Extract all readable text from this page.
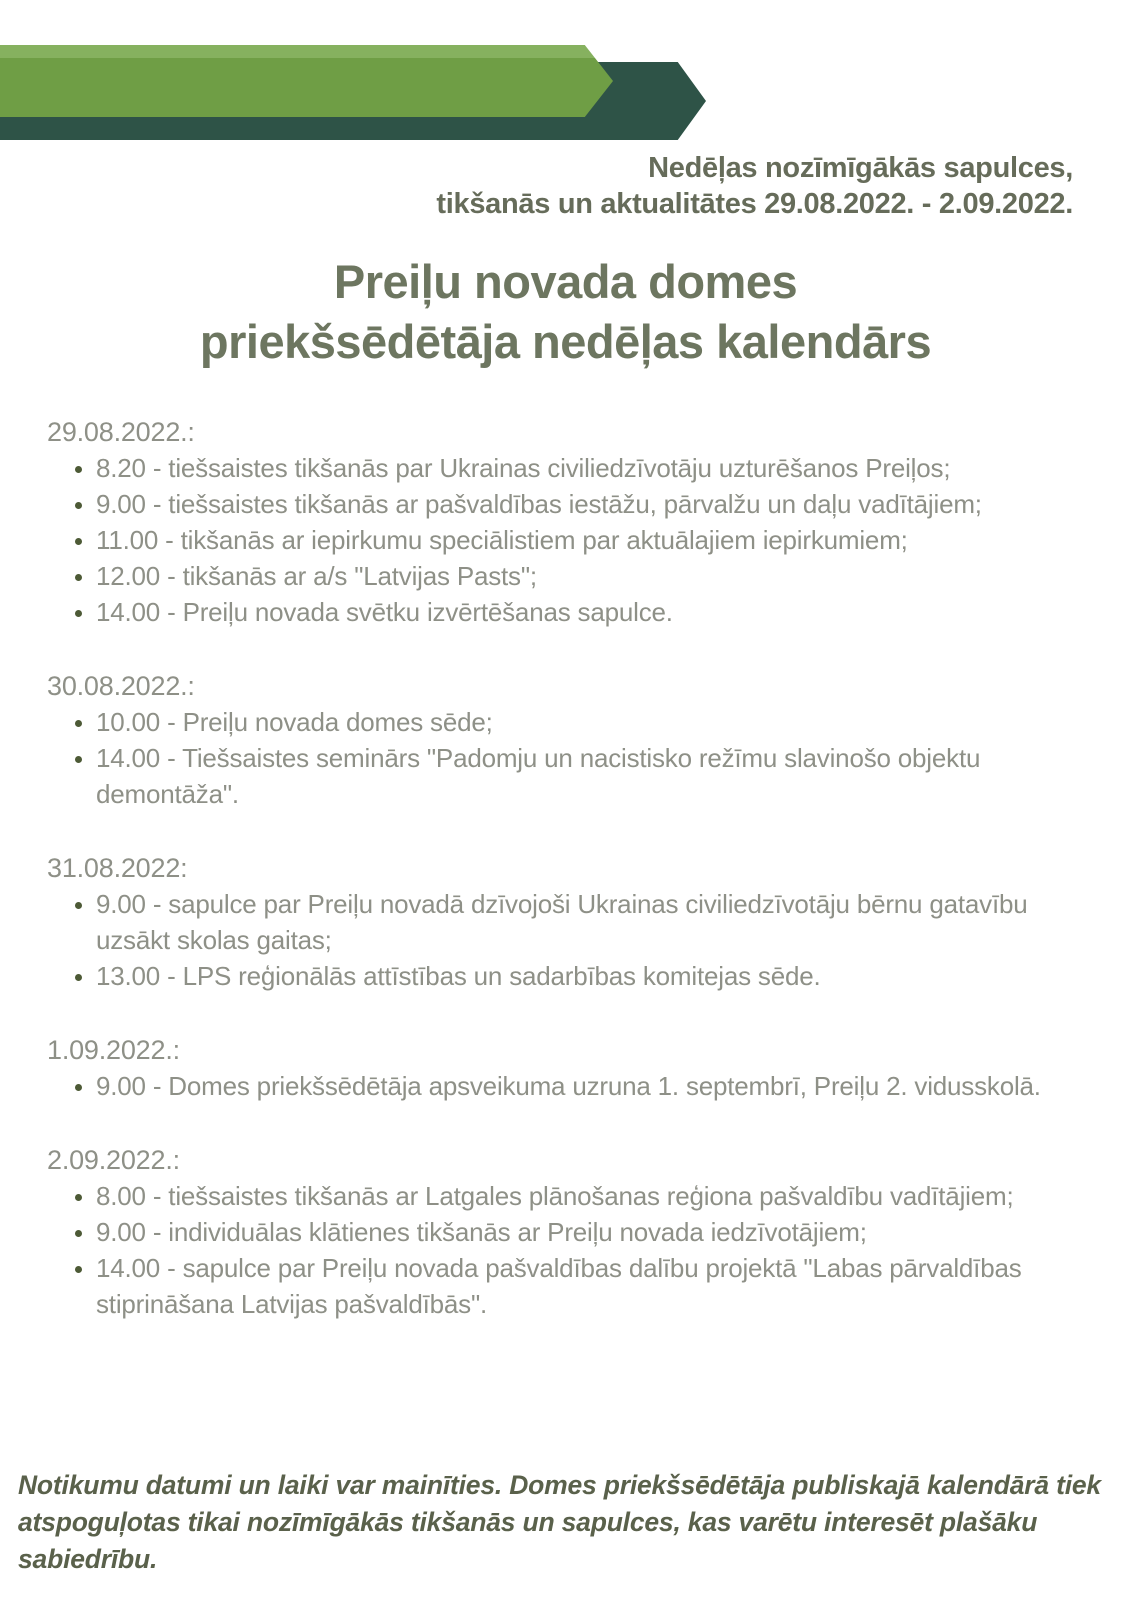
Nedēļas nozīmīgākās sapulces,
tikšanās un aktualitātes 29.08.2022. - 2.09.2022.
Preiļu novada domes
priekšsēdētāja nedēļas kalendārs
29.08.2022.:
• 8.20 - tiešsaistes tikšanās par Ukrainas civiliedzīvotāju uzturēšanos Preiļos;
• 9.00 - tiešsaistes tikšanās ar pašvaldības iestāžu, pārvalžu un daļu vadītājiem;
• 11.00 - tikšanās ar iepirkumu speciālistiem par aktuālajiem iepirkumiem;
• 12.00 - tikšanās ar a/s "Latvijas Pasts";
• 14.00 - Preiļu novada svētku izvērtēšanas sapulce.
30.08.2022.:
• 10.00 - Preiļu novada domes sēde;
• 14.00 - Tiešsaistes seminārs "Padomju un nacistisko režīmu slavinošo objektu demontāža".
31.08.2022:
• 9.00 - sapulce par Preiļu novadā dzīvojoši Ukrainas civiliedzīvotāju bērnu gatavību uzsākt skolas gaitas;
• 13.00 - LPS reģionālās attīstības un sadarbības komitejas sēde.
1.09.2022.:
• 9.00 - Domes priekšsēdētāja apsveikuma uzruna 1. septembrī, Preiļu 2. vidusskolā.
2.09.2022.:
• 8.00 - tiešsaistes tikšanās ar Latgales plānošanas reģiona pašvaldību vadītājiem;
• 9.00 - individuālas klātienes tikšanās ar Preiļu novada iedzīvotājiem;
• 14.00 - sapulce par Preiļu novada pašvaldības dalību projektā "Labas pārvaldības stiprināšana Latvijas pašvaldībās".

Notikumu datumi un laiki var mainīties. Domes priekšsēdētāja publiskajā kalendārā tiek atspoguļotas tikai nozīmīgākās tikšanās un sapulces, kas varētu interesēt plašāku sabiedrību.
